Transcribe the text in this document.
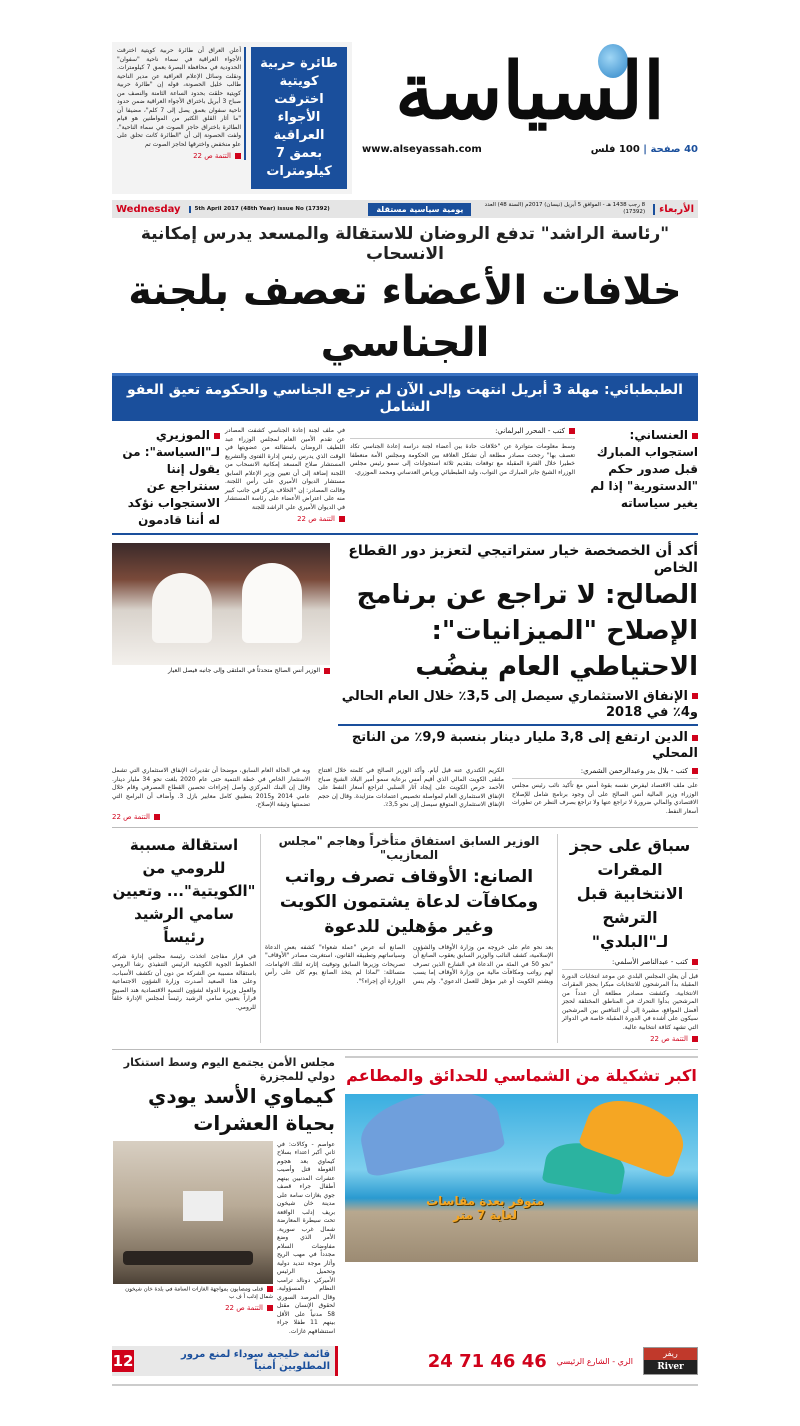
السياسة
www.alseyassah.com	40 صفحة | 100 فلس
طائرة حربية كويتية اخترقت الأجواء العراقية بعمق 7 كيلومترات
أعلن العراق أن طائرة حربية كويتية اخترقت الأجواء العراقية في سماء ناحية "سفوان" الحدودية في محافظة البصرة بعمق 7 كيلومترات. ونقلت وسائل الإعلام العراقية عن مدير الناحية طالب خليل الحصونة، قوله إن "طائرة حربية كويتية حلقت بحدود الساعة الثامنة والنصف من صباح 3 أبريل باختراق الأجواء العراقية ضمن حدود ناحية سفوان بعمق يصل إلى 7 كلم"، مضيفا أن "ما أثار القلق الكثير من المواطنين هو قيام الطائرة باختراق حاجز الصوت في سماء الناحية". ولفت الحصونة إلى أن "الطائرة كانت تحلق على علو منخفض واخترقها لحاجز الصوت تم
التتمة ص 22
الأربعاء
8 رجب 1438 هـ - الموافق 5 أبريل (نيسان) 2017م (السنة 48) العدد (17392)
يومية سياسية مستقلة
5th April 2017 (48th Year) issue No (17392)
Wednesday
"رئاسة الراشد" تدفع الروضان للاستقالة والمسعد يدرس إمكانية الانسحاب
خلافات الأعضاء تعصف بلجنة الجناسي
الطبطبائي: مهلة 3 أبريل انتهت وإلى الآن لم ترجع الجناسي والحكومة تعيق العفو الشامل
العنساني: استجواب المبارك قبل صدور حكم "الدستورية" إذا لم يغير سياساته
كتب - المحرر البرلماني:
وسط معلومات متواترة عن "خلافات حادة بين أعضاء لجنة دراسة إعادة الجناسي تكاد تعصف بها" رجحت مصادر مطلعة أن تشكل العلاقة بين الحكومة ومجلس الأمة منعطفا خطيرا خلال الفترة المقبلة مع توقعات بتقديم ثلاثة استجوابات إلى سمو رئيس مجلس الوزراء الشيخ جابر المبارك من النواب، وليد الطبطبائي ورياض العدساني ومحمد الموزري.
في ملف لجنة إعادة الجناسي كشفت المصادر عن تقدم الأمين العام لمجلس الوزراء عبد اللطيف الروضان باستقالته من عضويتها في الوقت الذي يدرس رئيس إدارة الفتوى والتشريع المستشار صلاح المسعد إمكانية الانسحاب من اللجنة إضافة إلى أن تعيين وزير الإعلام السابق مستشار الديوان الأميري على رأس اللجنة. وقالت المصادر: إن "الخلاف يتركز في جانب كبير منه على اعتراض الأعضاء على رئاسة المستشار في الديوان الأميري علي الراشد للجنة
التتمة ص 22
الموزيري لـ"السياسة": من يقول إننا سنتراجع عن الاستجواب نؤكد له أننا قادمون
أكد أن الخصخصة خيار ستراتيجي لتعزيز دور القطاع الخاص
الصالح: لا تراجع عن برنامج الإصلاح "الميزانيات": الاحتياطي العام ينضُب
الإنفاق الاستثماري سيصل إلى 3,5٪ خلال العام الحالي و4٪ في 2018
الدين ارتفع إلى 3,8 مليار دينار بنسبة 9,9٪ من الناتج المحلي
الوزير أنس الصالح متحدثاً في الملتقى وإلى جانبه فيصل العيار
كتب - بلال بدر وعبدالرحمن الشمري:
على ملف الاقتصاد ليفرض نفسه بقوة أمس مع تأكيد نائب رئيس مجلس الوزراء وزير المالية أنس الصالح على أن وجود برنامج شامل للإصلاح الاقتصادي والمالي ضرورة لا تراجع عنها ولا تراجع بصرف النظر عن تطورات أسعار النفط.
الكريم الكندري عنه قبل أيام. وأكد الوزير الصالح في كلمته خلال افتتاح ملتقى الكويت المالي الذي أقيم أمس برعاية سمو أمير البلاد الشيخ صباح الأحمد حرص الكويت على إيجاد آثار السلبي لتراجع أسعار النفط على الإنفاق الاستثماري العام لمواصلة تخصيص اعتمادات متزايدة. وقال إن حجم الإنفاق الاستثماري المتوقع سيصل إلى نحو 3,5٪.
وبه في الحالة العام السابق، موضحا أن تقديرات الإنفاق الاستثماري التي تشمل الاستثمار الخاص في خطة التنمية حتى عام 2020 بلغت نحو 34 مليار دينار. وقال إن البنك المركزي واصل إجراءات تحصين القطاع المصرفي وقام خلال عامي 2014 و2015 بتطبيق كامل معايير بازل 3. وأضاف أن البرامج التي تضمنتها وثيقة الإصلاح.
التتمة ص 22
سباق على حجز المقرات الانتخابية قبل الترشح لـ"البلدي"
كتب - عبدالناصر الأسلمي:
قبل أن يعلن المجلس البلدي عن موعد انتخابات الدورة المقبلة بدأ المرشحون للانتخابات مبكرا بحجز المقرات الانتخابية. وكشفت مصادر مطلعة أن عدداً من المرشحين بدأوا التحرك في المناطق المختلفة لحجز أفضل المواقع، مشيرة إلى أن التنافس بين المرشحين سيكون على أشده في الدورة المقبلة خاصة في الدوائر التي تشهد كثافة انتخابية عالية.
التتمة ص 22
الوزير السابق استفاق متأخراً وهاجم "مجلس المعازيب"
الصانع: الأوقاف تصرف رواتب ومكافآت لدعاة يشتمون الكويت وغير مؤهلين للدعوة
بعد نحو عام على خروجه من وزارة الأوقاف والشؤون الإسلامية، كشف النائب والوزير السابق يعقوب الصانع أن "نحو 50 في المئة من الدعاة في الشارع الذين تصرف لهم رواتب ومكافآت مالية من وزارة الأوقاف إما يسب ويشتم الكويت أو غير مؤهل للعمل الدعوي". ولم ينس الصانع أنه عرض "عملة شعواء" كشفه بعض الدعاة وسياساتهم وتطبيقه القانون، استغربت مصادر "الأوقاف" تصريحات وزيرها السابق وتوقيت إثارته لتلك الاتهامات، متسائلة: "لماذا لم يتخذ الصانع يوم كان على رأس الوزارة أي إجراء؟".
استقالة مسببة للرومي من "الكويتية"... وتعيين سامي الرشيد رئيساً
في قرار مفاجئ اتخذت رئيسة مجلس إدارة شركة الخطوط الجوية الكويتية الرئيس التنفيذي رشا الرومي باستقالة مسببة من الشركة من دون أن تكشف الأسباب، وعلى هذا الصعيد أصدرت وزارة الشؤون الاجتماعية والعمل وزيرة الدولة لشؤون التنمية الاقتصادية هند الصبيح قراراً بتعيين سامي الرشيد رئيساً لمجلس الإدارة خلفاً للرومي.
اكبر تشكيلة من الشماسي للحدائق والمطاعم
متوفر بعدة مقاسات لغاية 7 متر
مجلس الأمن يجتمع اليوم وسط استنكار دولي للمجزرة
كيماوي الأسد يودي بحياة العشرات
عواصم - وكالات: في ثاني أكبر اعتداء بسلاح كيماوي بعد هجوم الغوطة قتل وأصيب عشرات المدنيين بينهم أطفال جراء قصف جوي بغازات سامة على مدينة خان شيخون بريف إدلب الواقعة تحت سيطرة المعارضة شمال غرب سورية. الأمر الذي وضع مفاوضات السلام مجدداً في مهب الريح وأثار موجة تنديد دولية وتحميل الرئيس الأميركي دونالد ترامب النظام المسؤولية. وقال المرصد السوري لحقوق الإنسان مقتل 58 مدنياً على الأقل بينهم 11 طفلا جراء استنشاقهم غازات.
قتلى ومصابون بمواجهة الغازات السامة في بلدة خان شيخون شمال إدلب أ ف ب
التتمة ص 22
ريفر
River
الري - الشارع الرئيسي
24 71 46 46
قائمة خليجية سوداء لمنع مرور المطلوبين أمنياً
12
